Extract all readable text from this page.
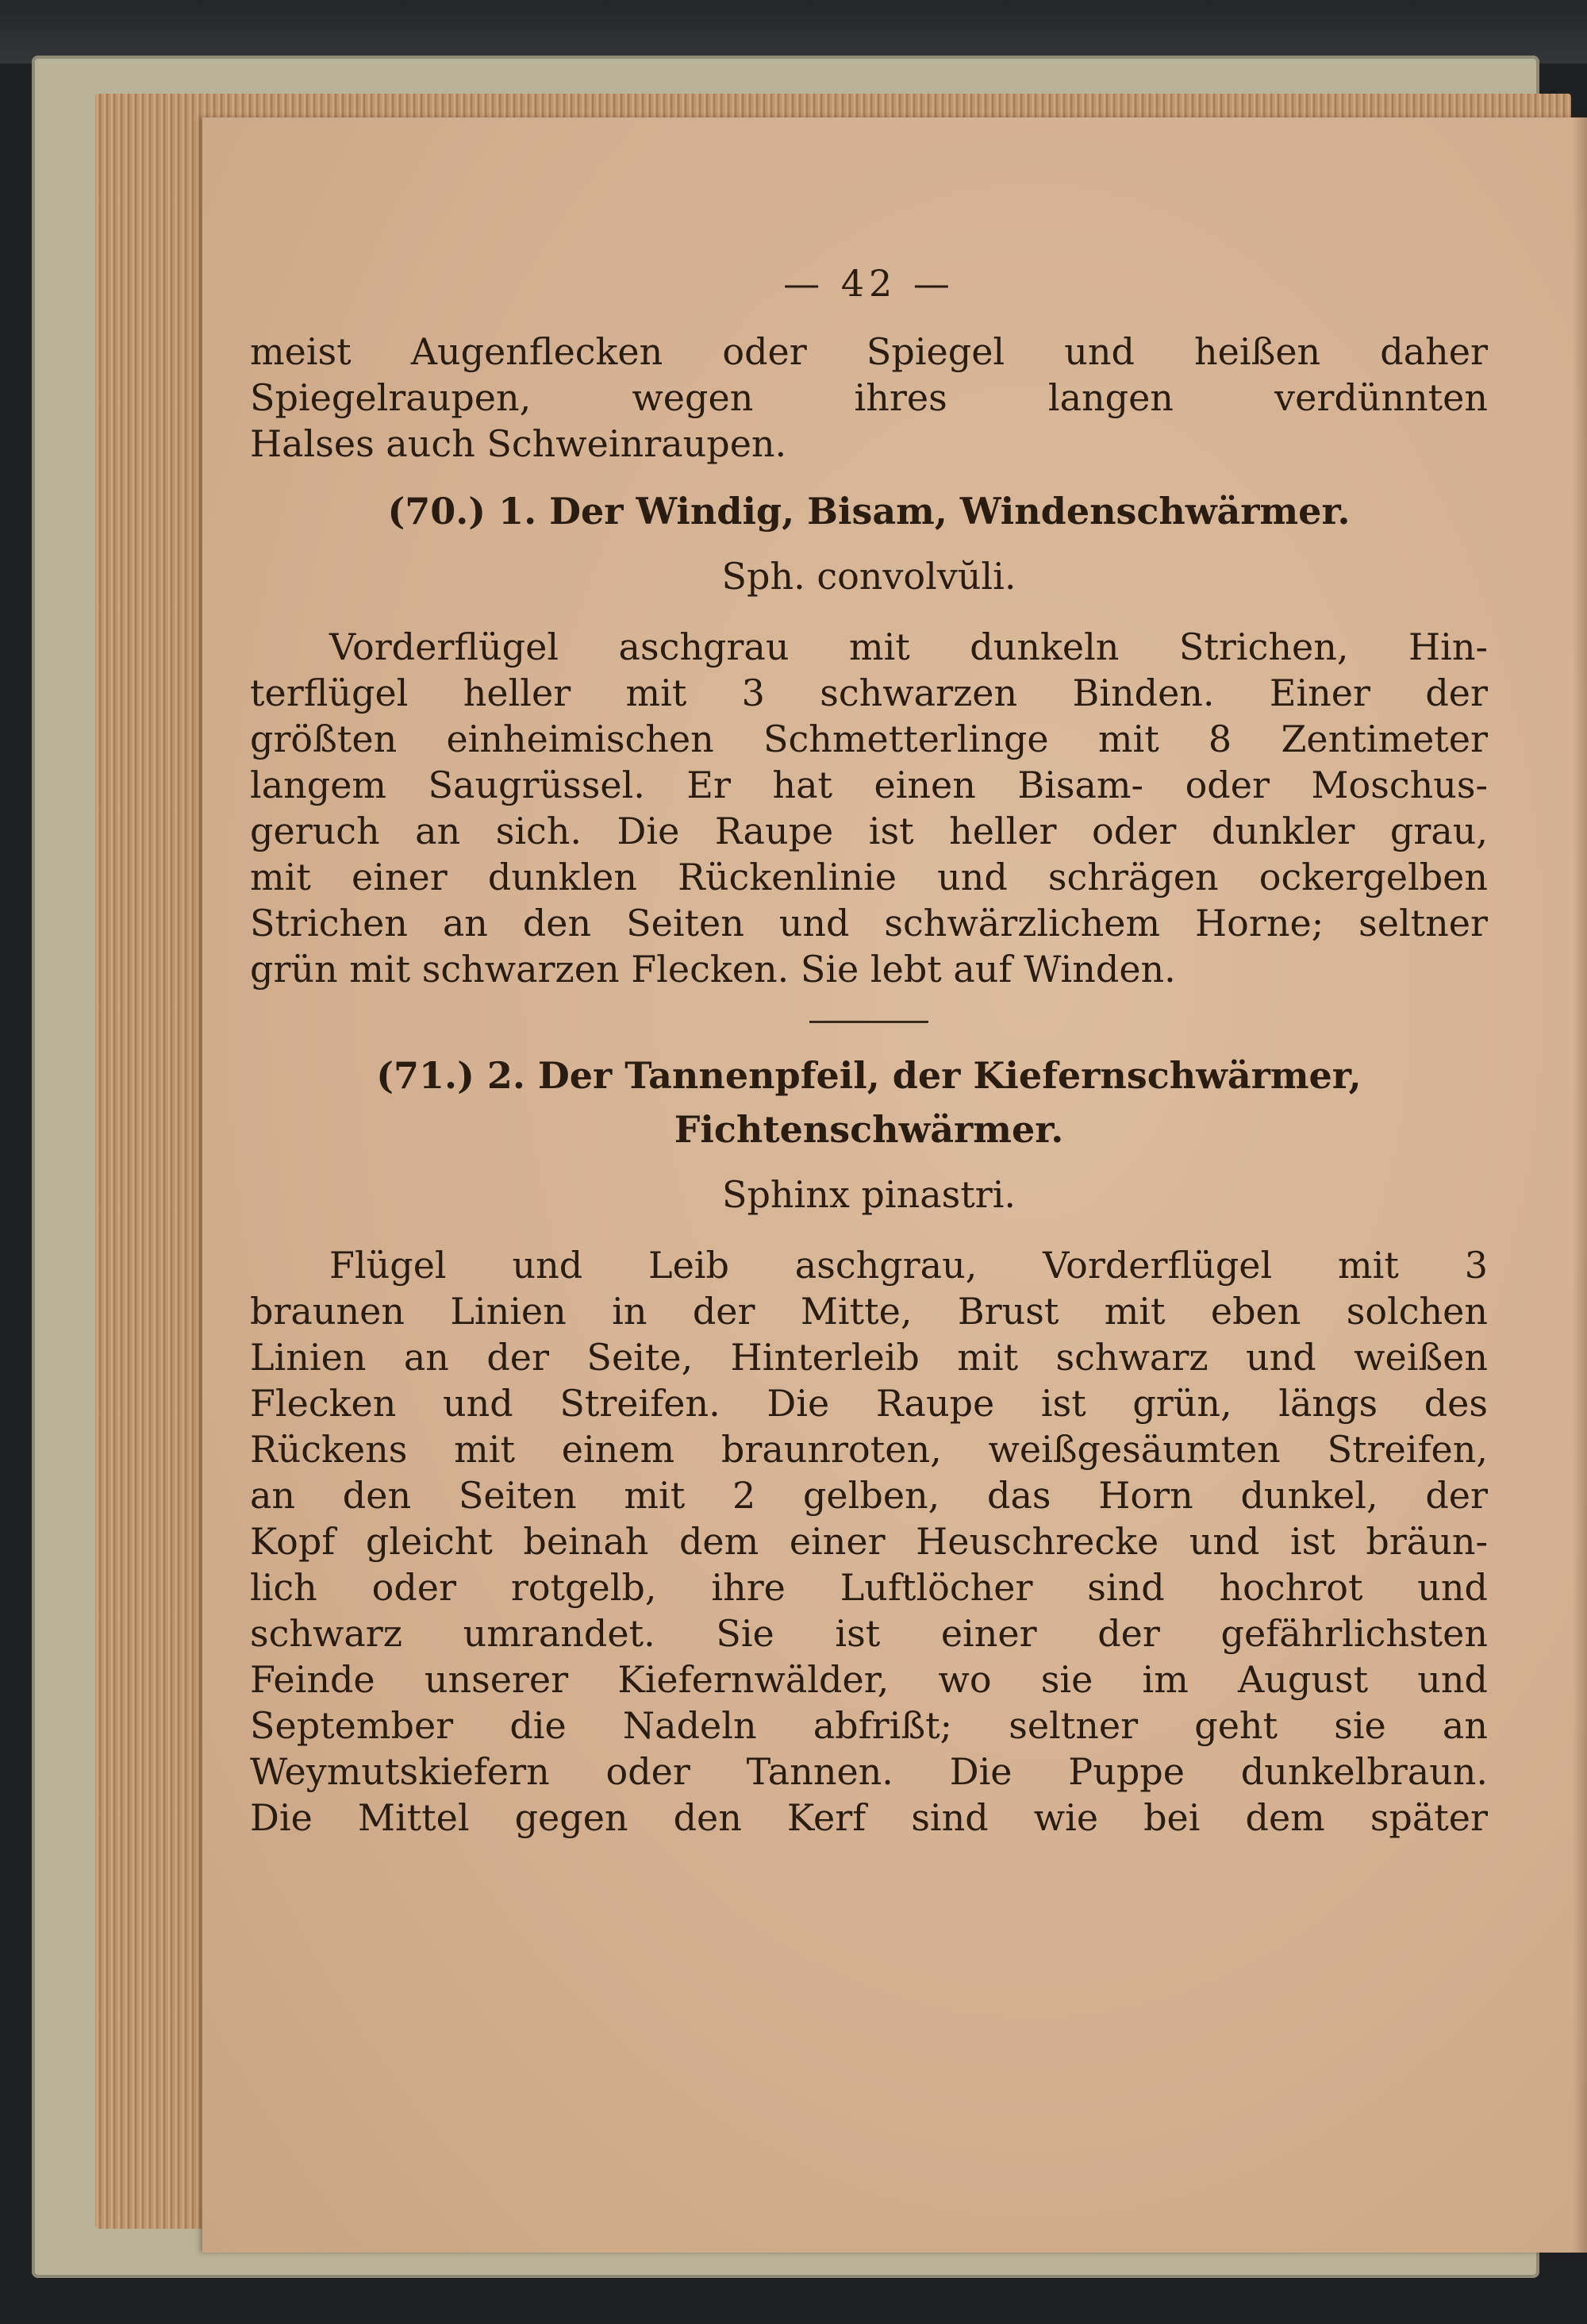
— 42 —
meist Augenflecken oder Spiegel und heißen daher
Spiegelraupen, wegen ihres langen verdünnten
Halses auch Schweinraupen.
(70.) 1. Der Windig, Bisam, Windenschwärmer.
Sph. convolvŭli.
Vorderflügel aschgrau mit dunkeln Strichen, Hin-
terflügel heller mit 3 schwarzen Binden. Einer der
größten einheimischen Schmetterlinge mit 8 Zentimeter
langem Saugrüssel. Er hat einen Bisam- oder Moschus-
geruch an sich. Die Raupe ist heller oder dunkler grau,
mit einer dunklen Rückenlinie und schrägen ockergelben
Strichen an den Seiten und schwärzlichem Horne; seltner
grün mit schwarzen Flecken. Sie lebt auf Winden.
(71.) 2. Der Tannenpfeil, der Kiefernschwärmer,
Fichtenschwärmer.
Sphinx pinastri.
Flügel und Leib aschgrau, Vorderflügel mit 3
braunen Linien in der Mitte, Brust mit eben solchen
Linien an der Seite, Hinterleib mit schwarz und weißen
Flecken und Streifen. Die Raupe ist grün, längs des
Rückens mit einem braunroten, weißgesäumten Streifen,
an den Seiten mit 2 gelben, das Horn dunkel, der
Kopf gleicht beinah dem einer Heuschrecke und ist bräun-
lich oder rotgelb, ihre Luftlöcher sind hochrot und
schwarz umrandet. Sie ist einer der gefährlichsten
Feinde unserer Kiefernwälder, wo sie im August und
September die Nadeln abfrißt; seltner geht sie an
Weymutskiefern oder Tannen. Die Puppe dunkelbraun.
Die Mittel gegen den Kerf sind wie bei dem später
